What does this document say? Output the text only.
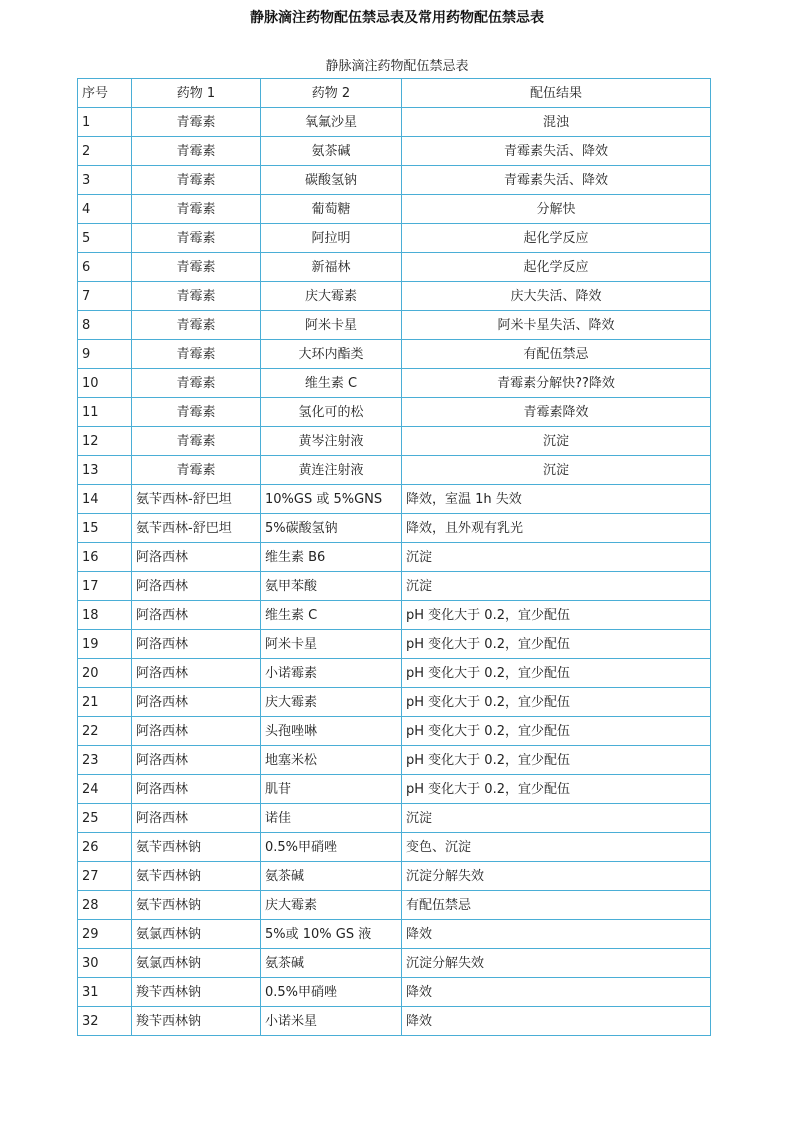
静脉滴注药物配伍禁忌表及常用药物配伍禁忌表
静脉滴注药物配伍禁忌表
序号	药物 1	药物 2	配伍结果
1	青霉素	氧氟沙星	混浊
2	青霉素	氨茶碱	青霉素失活、降效
3	青霉素	碳酸氢钠	青霉素失活、降效
4	青霉素	葡萄糖	分解快
5	青霉素	阿拉明	起化学反应
6	青霉素	新福林	起化学反应
7	青霉素	庆大霉素	庆大失活、降效
8	青霉素	阿米卡星	阿米卡星失活、降效
9	青霉素	大环内酯类	有配伍禁忌
10	青霉素	维生素 C	青霉素分解快??降效
11	青霉素	氢化可的松	青霉素降效
12	青霉素	黄岑注射液	沉淀
13	青霉素	黄连注射液	沉淀
14	氨苄西林-舒巴坦	10%GS 或 5%GNS	降效，室温 1h 失效
15	氨苄西林-舒巴坦	5%碳酸氢钠	降效，且外观有乳光
16	阿洛西林	维生素 B6	沉淀
17	阿洛西林	氨甲苯酸	沉淀
18	阿洛西林	维生素 C	pH 变化大于 0.2，宜少配伍
19	阿洛西林	阿米卡星	pH 变化大于 0.2，宜少配伍
20	阿洛西林	小诺霉素	pH 变化大于 0.2，宜少配伍
21	阿洛西林	庆大霉素	pH 变化大于 0.2，宜少配伍
22	阿洛西林	头孢唑啉	pH 变化大于 0.2，宜少配伍
23	阿洛西林	地塞米松	pH 变化大于 0.2，宜少配伍
24	阿洛西林	肌苷	pH 变化大于 0.2，宜少配伍
25	阿洛西林	诺佳	沉淀
26	氨苄西林钠	0.5%甲硝唑	变色、沉淀
27	氨苄西林钠	氨茶碱	沉淀分解失效
28	氨苄西林钠	庆大霉素	有配伍禁忌
29	氨氯西林钠	5%或 10% GS 液	降效
30	氨氯西林钠	氨茶碱	沉淀分解失效
31	羧苄西林钠	0.5%甲硝唑	降效
32	羧苄西林钠	小诺米星	降效
